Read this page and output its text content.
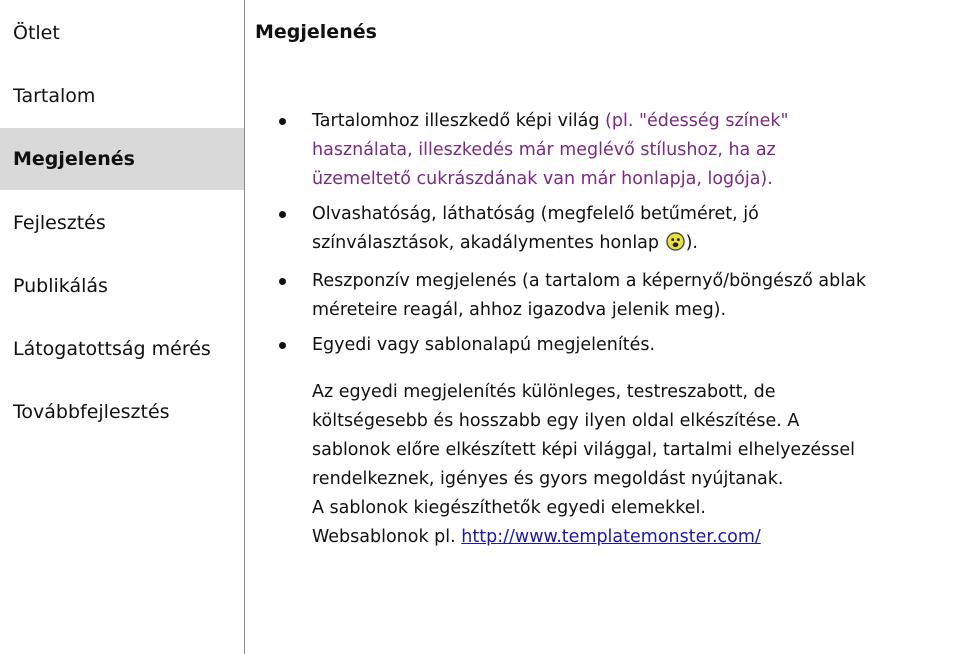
Ötlet
Tartalom
Megjelenés
Fejlesztés
Publikálás
Látogatottság mérés
Továbbfejlesztés
Megjelenés
Tartalomhoz illeszkedő képi világ (pl. "édesség színek"
használata, illeszkedés már meglévő stílushoz, ha az
üzemeltető cukrászdának van már honlapja, logója).
Olvashatóság, láthatóság (megfelelő betűméret, jó
színválasztások, akadálymentes honlap ).
Reszponzív megjelenés (a tartalom a képernyő/böngésző ablak
méreteire reagál, ahhoz igazodva jelenik meg).
Egyedi vagy sablonalapú megjelenítés.

Az egyedi megjelenítés különleges, testreszabott, de
költségesebb és hosszabb egy ilyen oldal elkészítése. A
sablonok előre elkészített képi világgal, tartalmi elhelyezéssel
rendelkeznek, igényes és gyors megoldást nyújtanak.
A sablonok kiegészíthetők egyedi elemekkel.
Websablonok pl. http://www.templatemonster.com/
